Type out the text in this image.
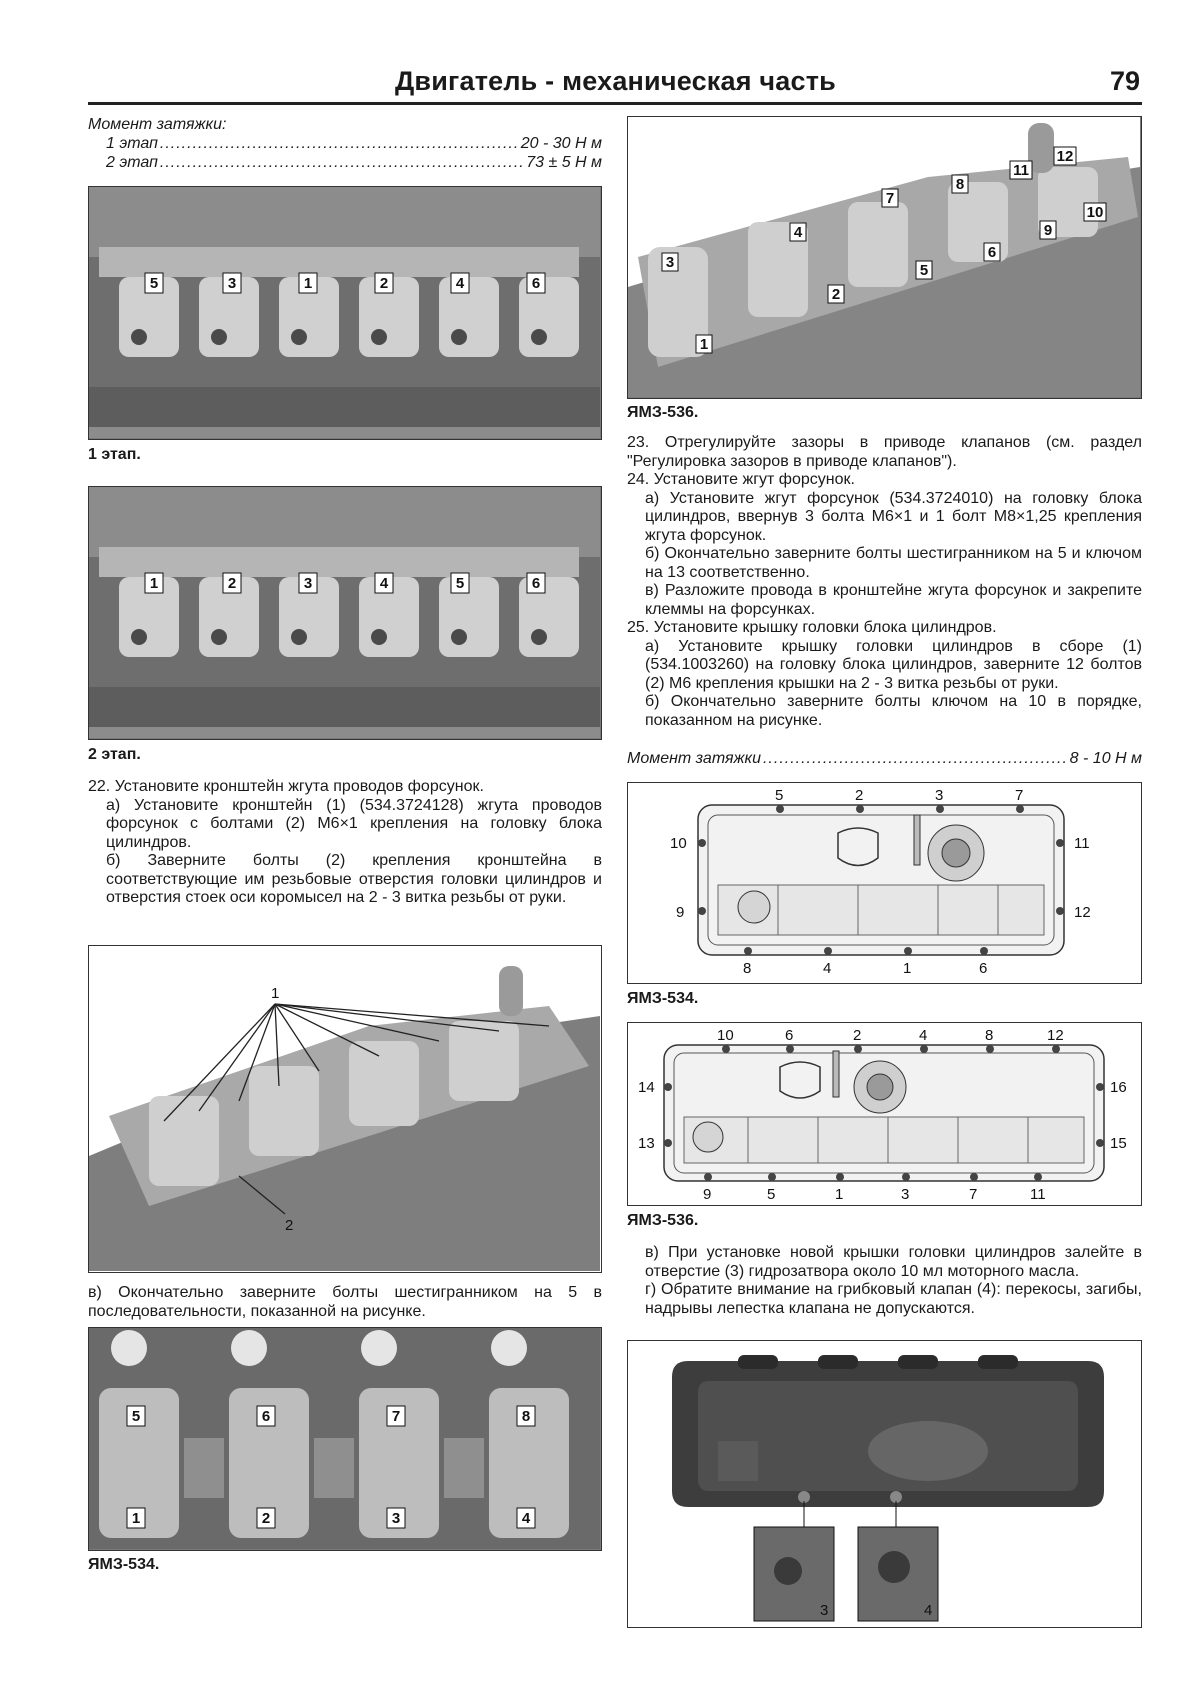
Двигатель - механическая часть	79
Момент затяжки:
1 этап .....	20 - 30 Н м
2 этап .....	73 ± 5 Н м
5	3	1	2	4	6
1 этап.
1	2	3	4	5	6
2 этап.

22. Установите кронштейн жгута проводов форсунок.

а) Установите кронштейн (1) (534.3724128) жгута проводов форсунок с болтами (2) М6×1 крепления на головку блока цилиндров.

б) Заверните болты (2) крепления кронштейна в соответствующие им резьбовые отверстия головки цилиндров и отверстия стоек оси коромысел на 2 - 3 витка резьбы от руки.

1
2
в) Окончательно заверните болты шестигранником на 5 в последовательности, показанной на рисунке.
5	6	7	8
1	2	3	4
ЯМЗ-534.
1
2
3
4
5
6
7
8
9
10
11
12
ЯМЗ-536.

23. Отрегулируйте зазоры в приводе клапанов (см. раздел "Регулировка зазоров в приводе клапанов").

24. Установите жгут форсунок.

а) Установите жгут форсунок (534.3724010) на головку блока цилиндров, ввернув 3 болта М6×1 и 1 болт М8×1,25 крепления жгута форсунок.

б) Окончательно заверните болты шестигранником на 5 и ключом на 13 соответственно.

в) Разложите провода в кронштейне жгута форсунок и закрепите клеммы на форсунках.

25. Установите крышку головки блока цилиндров.

а) Установите крышку головки цилиндров в сборе (1) (534.1003260) на головку блока цилиндров, заверните 12 болтов (2) М6 крепления крышки на 2 - 3 витка резьбы от руки.

б) Окончательно заверните болты ключом на 10 в порядке, показанном на рисунке.

Момент затяжки .....	8 - 10 Н м
5	2	3	7
10
9
11
12
8	4	1	6
ЯМЗ-534.
10	6	2	4	8	12
14
13
16
15
9	5	1	3	7	11
ЯМЗ-536.

в) При установке новой крышки головки цилиндров залейте в отверстие (3) гидрозатвора около 10 мл моторного масла.

г) Обратите внимание на грибковый клапан (4): перекосы, загибы, надрывы лепестка клапана не допускаются.

3	4
